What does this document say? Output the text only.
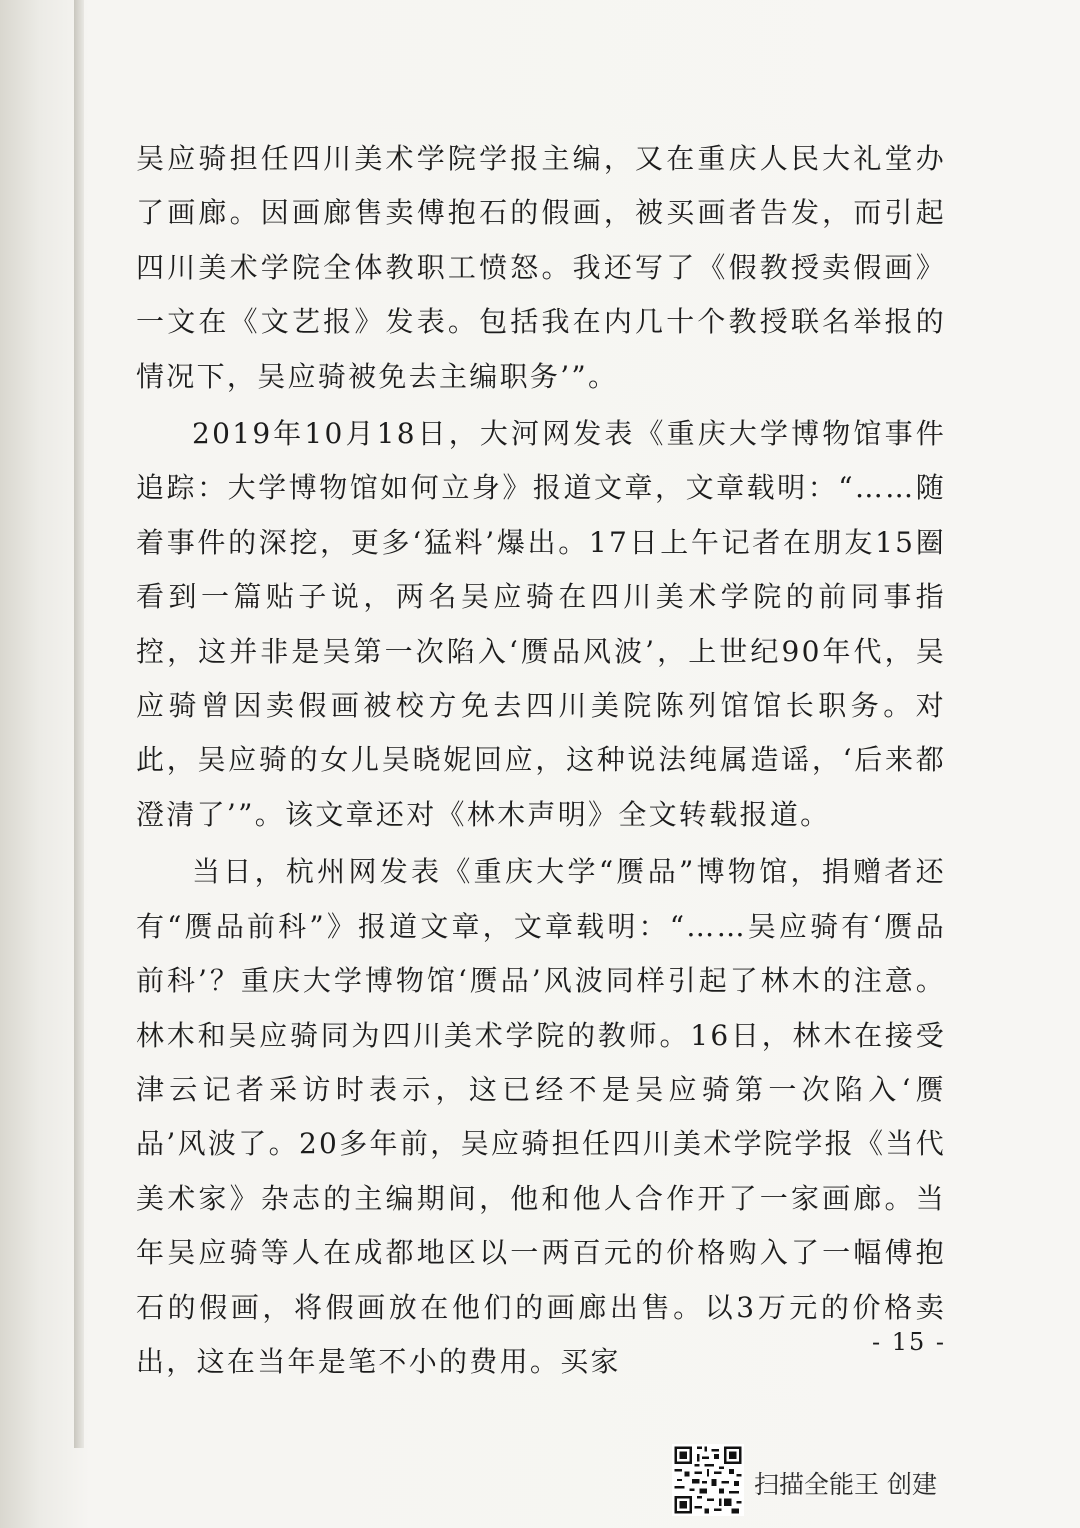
吴应骑担任四川美术学院学报主编，又在重庆人民大礼堂办了画廊。因画廊售卖傅抱石的假画，被买画者告发，而引起四川美术学院全体教职工愤怒。我还写了《假教授卖假画》一文在《文艺报》发表。包括我在内几十个教授联名举报的情况下，吴应骑被免去主编职务’”。

2019年10月18日，大河网发表《重庆大学博物馆事件追踪：大学博物馆如何立身》报道文章，文章载明：“……随着事件的深挖，更多‘猛料’爆出。17日上午记者在朋友15圈看到一篇贴子说，两名吴应骑在四川美术学院的前同事指控，这并非是吴第一次陷入‘赝品风波’，上世纪90年代，吴应骑曾因卖假画被校方免去四川美院陈列馆馆长职务。对此，吴应骑的女儿吴晓妮回应，这种说法纯属造谣，‘后来都澄清了’”。该文章还对《林木声明》全文转载报道。

当日，杭州网发表《重庆大学“赝品”博物馆，捐赠者还有“赝品前科”》报道文章，文章载明：“……吴应骑有‘赝品前科’？重庆大学博物馆‘赝品’风波同样引起了林木的注意。林木和吴应骑同为四川美术学院的教师。16日，林木在接受津云记者采访时表示，这已经不是吴应骑第一次陷入‘赝品’风波了。20多年前，吴应骑担任四川美术学院学报《当代美术家》杂志的主编期间，他和他人合作开了一家画廊。当年吴应骑等人在成都地区以一两百元的价格购入了一幅傅抱石的假画，将假画放在他们的画廊出售。以3万元的价格卖出，这在当年是笔不小的费用。买家

- 15 -
扫描全能王 创建
